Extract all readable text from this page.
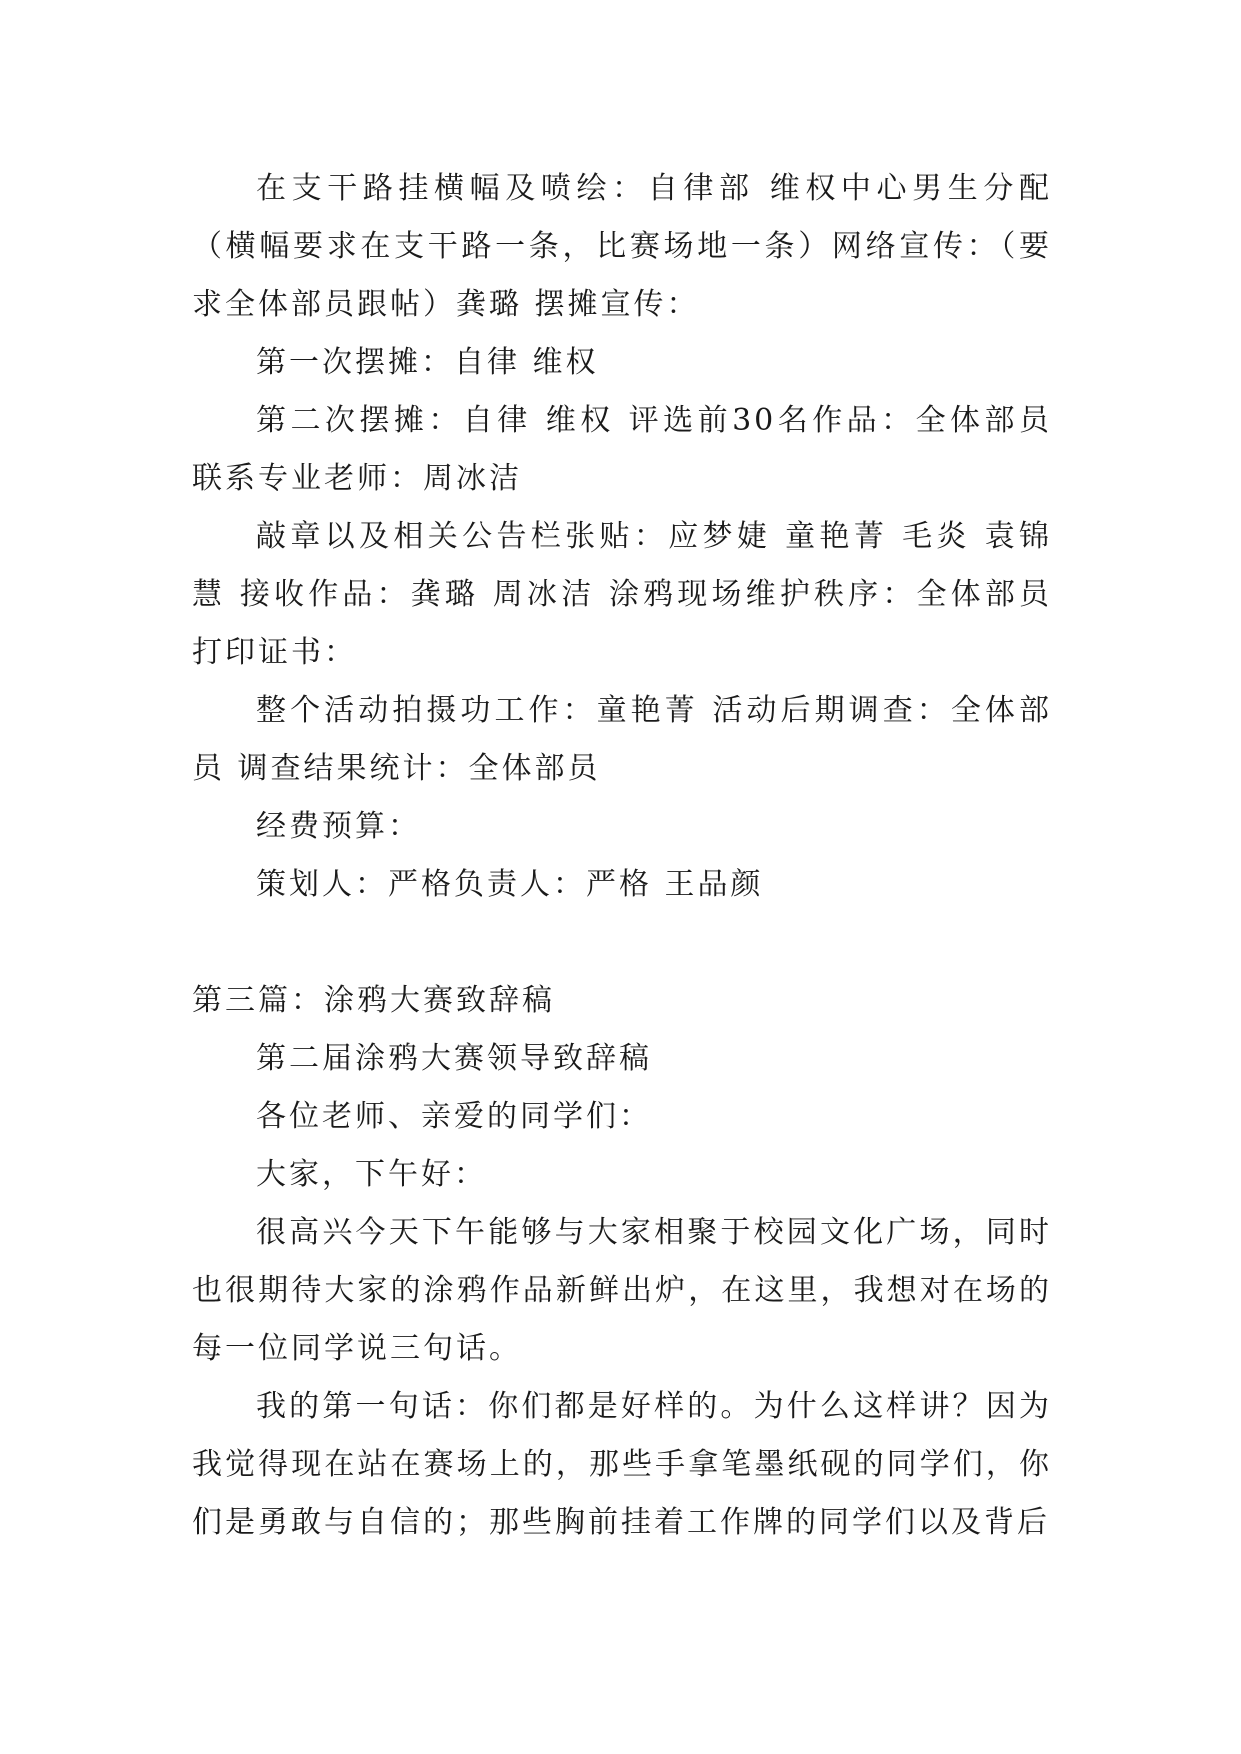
在支干路挂横幅及喷绘：自律部 维权中心男生分配（横幅要求在支干路一条，比赛场地一条）网络宣传：（要求全体部员跟帖）龚璐 摆摊宣传：

第一次摆摊：自律 维权

第二次摆摊：自律 维权 评选前30名作品：全体部员 联系专业老师：周冰洁

敲章以及相关公告栏张贴：应梦婕 童艳菁 毛炎 袁锦慧 接收作品：龚璐 周冰洁 涂鸦现场维护秩序：全体部员 打印证书：

整个活动拍摄功工作：童艳菁 活动后期调查：全体部员 调查结果统计：全体部员

经费预算：

策划人：严格负责人：严格 王品颜

第三篇：涂鸦大赛致辞稿

第二届涂鸦大赛领导致辞稿

各位老师、亲爱的同学们：

大家，下午好：

很高兴今天下午能够与大家相聚于校园文化广场，同时也很期待大家的涂鸦作品新鲜出炉，在这里，我想对在场的每一位同学说三句话。

我的第一句话：你们都是好样的。为什么这样讲？因为我觉得现在站在赛场上的，那些手拿笔墨纸砚的同学们，你们是勇敢与自信的；那些胸前挂着工作牌的同学们以及背后
